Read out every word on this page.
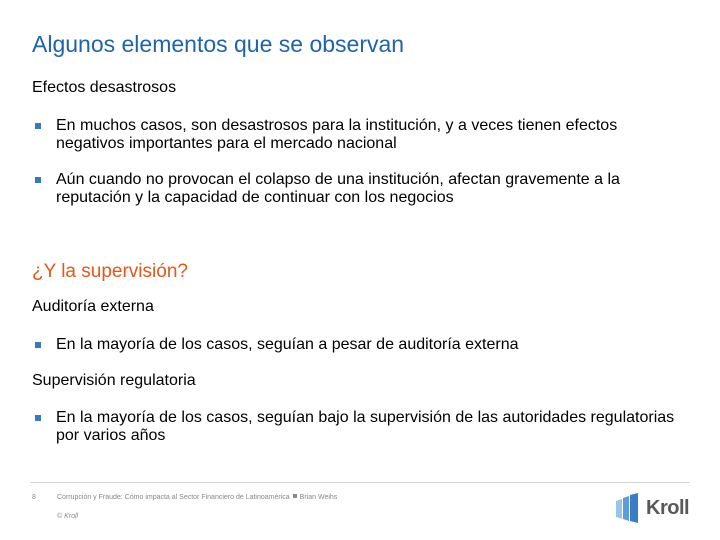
Algunos elementos que se observan
Efectos desastrosos
En muchos casos, son desastrosos para la institución, y a veces tienen efectos negativos importantes para el mercado nacional
Aún cuando no provocan el colapso de una institución, afectan gravemente a la reputación y la capacidad de continuar con los negocios
¿Y la supervisión?
Auditoría externa
En la mayoría de los casos, seguían a pesar de auditoría externa
Supervisión regulatoria
En la mayoría de los casos, seguían bajo la supervisión de las autoridades regulatorias por varios años
8	Corrupción y Fraude: Cómo impacta al Sector Financiero de Latinoamérica Brian Weihs
© Kroll	Kroll
